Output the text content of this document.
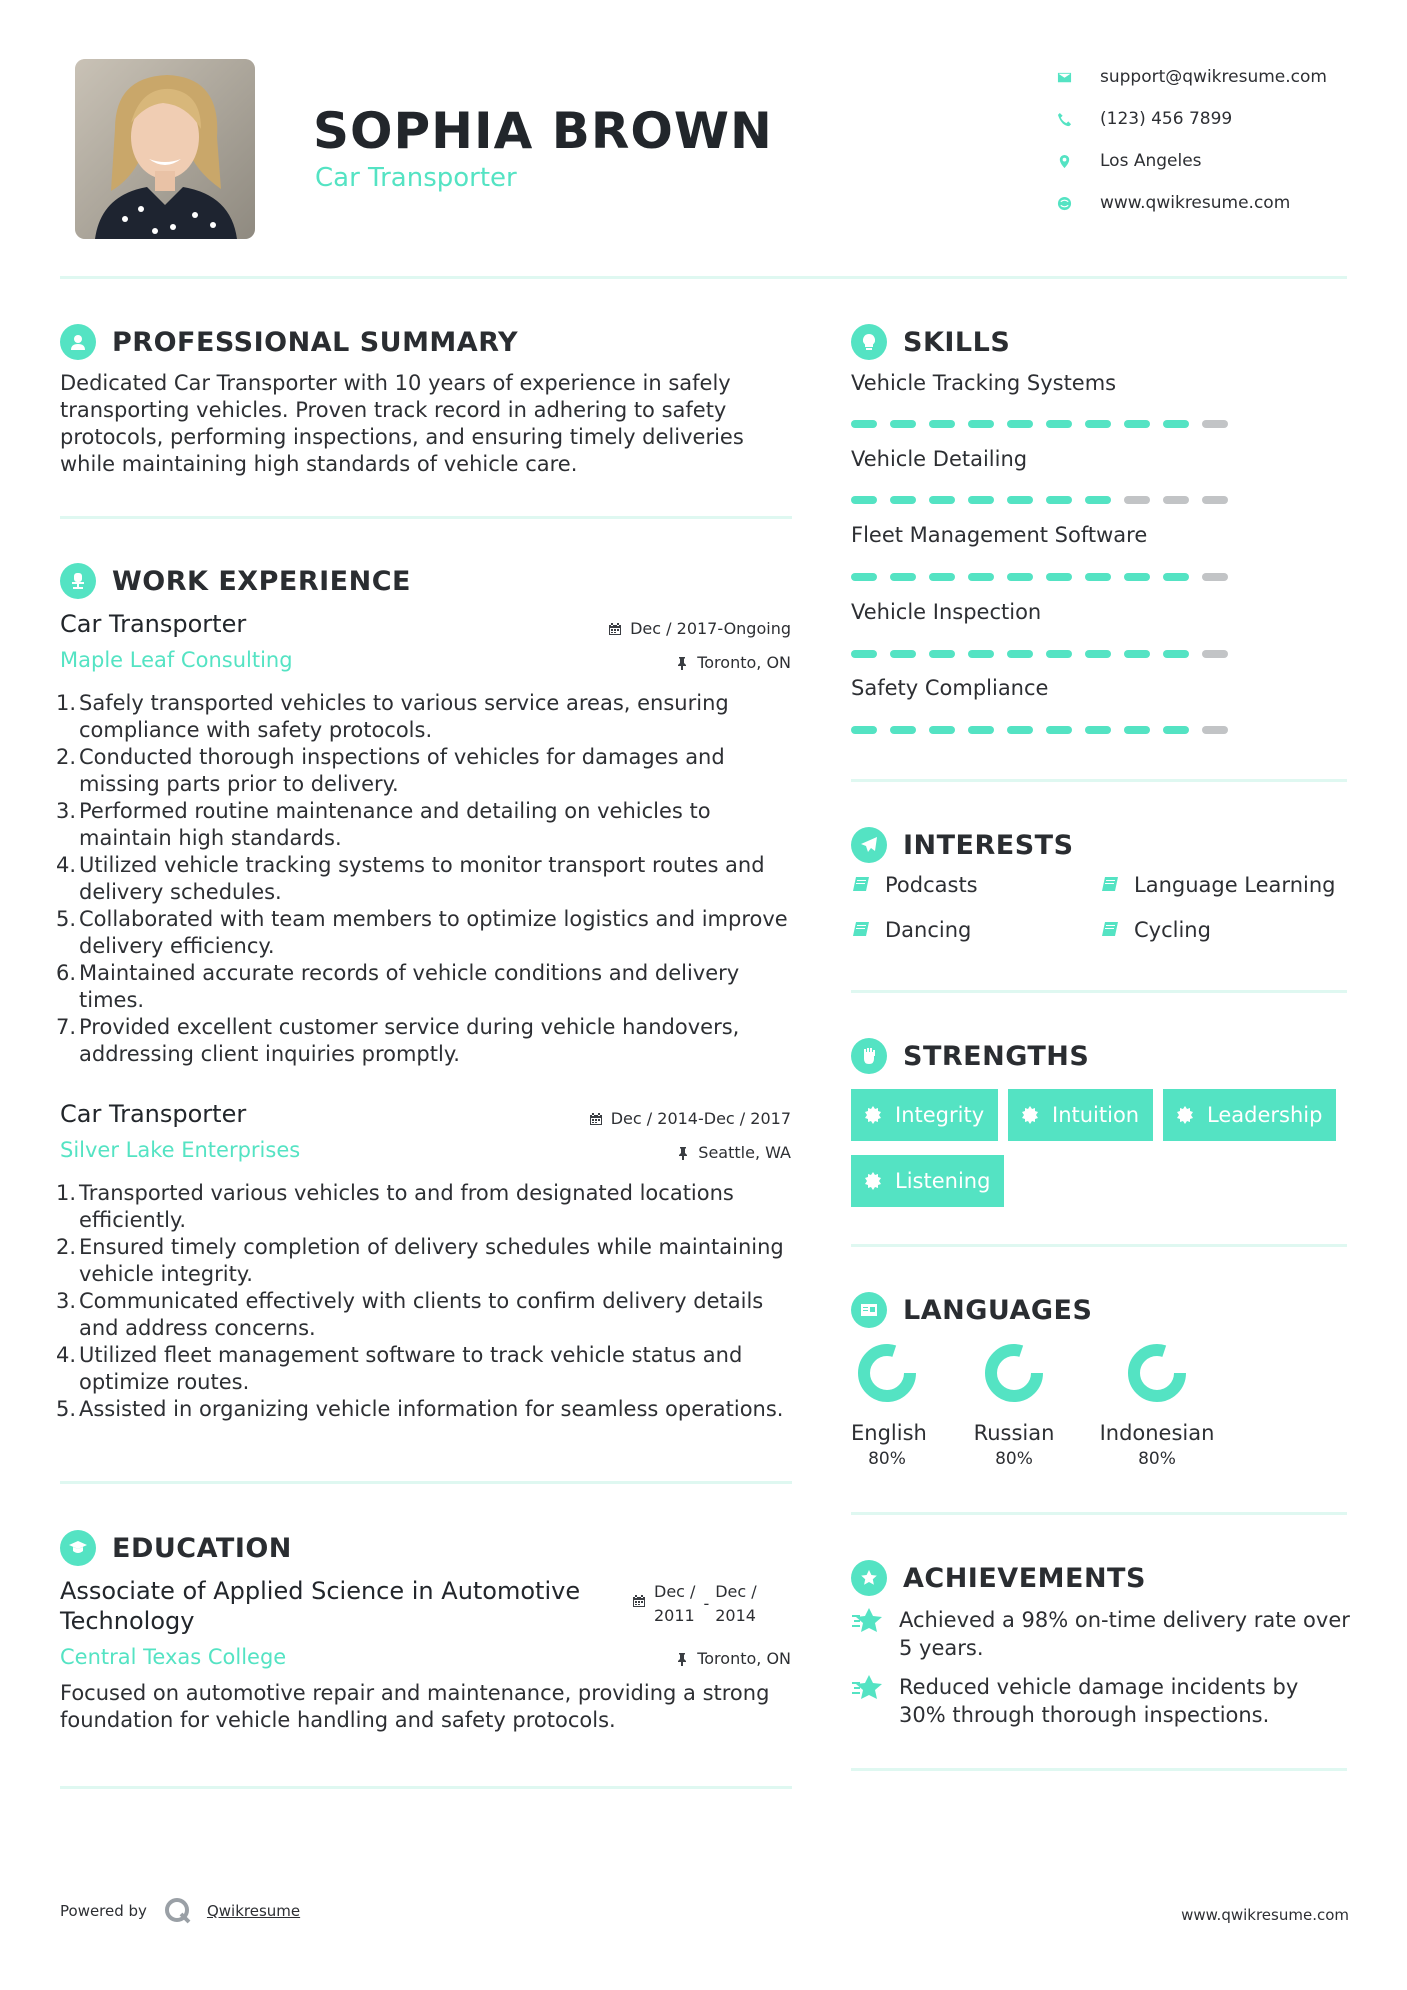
SOPHIA BROWN
Car Transporter
support@qwikresume.com
(123) 456 7899
Los Angeles
www.qwikresume.com
PROFESSIONAL SUMMARY
Dedicated Car Transporter with 10 years of experience in safely transporting vehicles. Proven track record in adhering to safety protocols, performing inspections, and ensuring timely deliveries while maintaining high standards of vehicle care.
WORK EXPERIENCE
Car Transporter	Dec / 2017-Ongoing
Maple Leaf Consulting	Toronto, ON
Safely transported vehicles to various service areas, ensuring compliance with safety protocols.
Conducted thorough inspections of vehicles for damages and missing parts prior to delivery.
Performed routine maintenance and detailing on vehicles to maintain high standards.
Utilized vehicle tracking systems to monitor transport routes and delivery schedules.
Collaborated with team members to optimize logistics and improve delivery efficiency.
Maintained accurate records of vehicle conditions and delivery times.
Provided excellent customer service during vehicle handovers, addressing client inquiries promptly.
Car Transporter	Dec / 2014-Dec / 2017
Silver Lake Enterprises	Seattle, WA
Transported various vehicles to and from designated locations efficiently.
Ensured timely completion of delivery schedules while maintaining vehicle integrity.
Communicated effectively with clients to confirm delivery details and address concerns.
Utilized fleet management software to track vehicle status and optimize routes.
Assisted in organizing vehicle information for seamless operations.
EDUCATION
Associate of Applied Science in Automotive Technology
Dec /
2011
-
Dec /
2014
Central Texas College	Toronto, ON
Focused on automotive repair and maintenance, providing a strong foundation for vehicle handling and safety protocols.
SKILLS
Vehicle Tracking Systems
Vehicle Detailing
Fleet Management Software
Vehicle Inspection
Safety Compliance
INTERESTS
Podcasts	Language Learning
Dancing	Cycling
STRENGTHS
Integrity	Intuition	Leadership
Listening
LANGUAGES
English
80%
Russian
80%
Indonesian
80%
ACHIEVEMENTS
Achieved a 98% on-time delivery rate over 5 years.
Reduced vehicle damage incidents by 30% through thorough inspections.
Powered by	Qwikresume	www.qwikresume.com
